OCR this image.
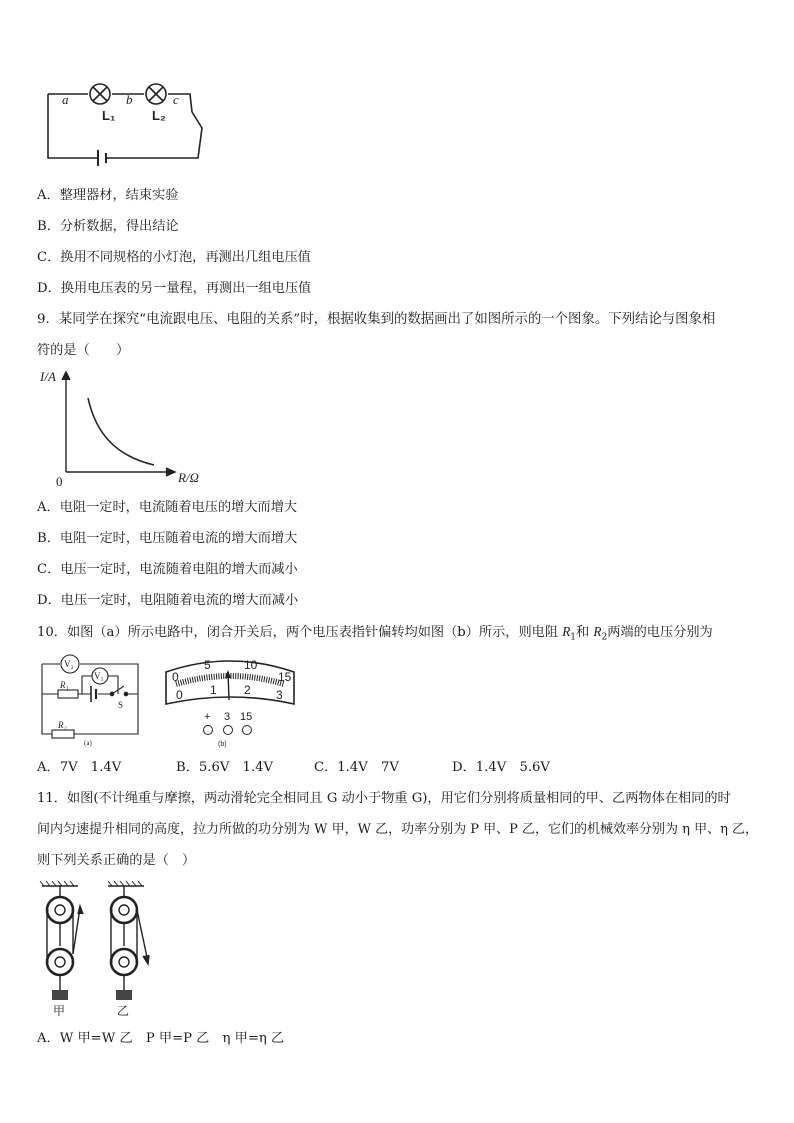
a	b	c
L₁	L₂
A．整理器材，结束实验
B．分析数据，得出结论
C．换用不同规格的小灯泡，再测出几组电压值
D．换用电压表的另一量程，再测出一组电压值
9．某同学在探究“电流跟电压、电阻的关系”时，根据收集到的数据画出了如图所示的一个图象。下列结论与图象相
符的是（　　）
I/A
R/Ω
0
A．电阻一定时，电流随着电压的增大而增大
B．电阻一定时，电压随着电流的增大而增大
C．电压一定时，电流随着电阻的增大而减小
D．电压一定时，电阻随着电流的增大而减小
10．如图（a）所示电路中，闭合开关后，两个电压表指针偏转均如图（b）所示，则电阻 $R_1$和 $R_2$两端的电压分别为
V₂
V₁
R₁
R₂
S
(a)
0
5	10
15
0 1 2 3
+ 3 15
(b)
A．7V　1.4V	B．5.6V　1.4V	C．1.4V　7V	D．1.4V　5.6V
11．如图(不计绳重与摩擦，两动滑轮完全相同且 G 动小于物重 G)，用它们分别将质量相同的甲、乙两物体在相同的时
间内匀速提升相同的高度，拉力所做的功分别为 W 甲，W 乙，功率分别为 P 甲、P 乙，它们的机械效率分别为 η 甲、η 乙，
则下列关系正确的是（　）
甲	乙
A．W 甲=W 乙　P 甲=P 乙　η 甲=η 乙
